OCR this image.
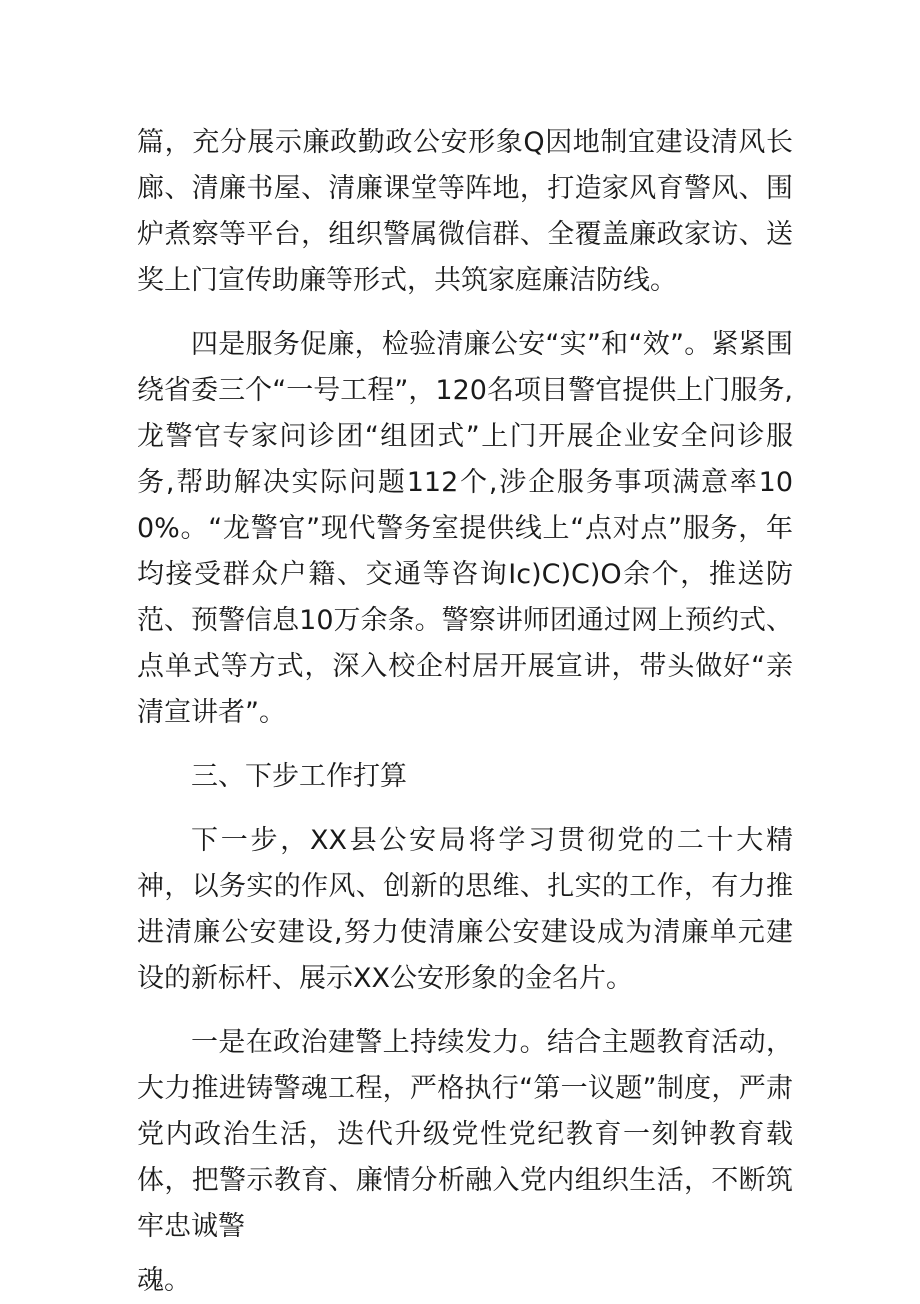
篇，充分展示廉政勤政公安形象Q因地制宜建设清风长廊、清廉书屋、清廉课堂等阵地，打造家风育警风、围炉煮察等平台，组织警属微信群、全覆盖廉政家访、送奖上门宣传助廉等形式，共筑家庭廉洁防线。

四是服务促廉，检验清廉公安“实”和“效”。紧紧围绕省委三个“一号工程”，120名项目警官提供上门服务,龙警官专家问诊团“组团式”上门开展企业安全问诊服务,帮助解决实际问题112个,涉企服务事项满意率100%。“龙警官”现代警务室提供线上“点对点”服务，年均接受群众户籍、交通等咨询Ic)C)C)O余个，推送防范、预警信息10万余条。警察讲师团通过网上预约式、点单式等方式，深入校企村居开展宣讲，带头做好“亲清宣讲者”。

三、下步工作打算

下一步，XX县公安局将学习贯彻党的二十大精神，以务实的作风、创新的思维、扎实的工作，有力推进清廉公安建设,努力使清廉公安建设成为清廉单元建设的新标杆、展示XX公安形象的金名片。

一是在政治建警上持续发力。结合主题教育活动，大力推进铸警魂工程，严格执行“第一议题”制度，严肃党内政治生活，迭代升级党性党纪教育一刻钟教育载体，把警示教育、廉情分析融入党内组织生活，不断筑牢忠诚警

魂。
